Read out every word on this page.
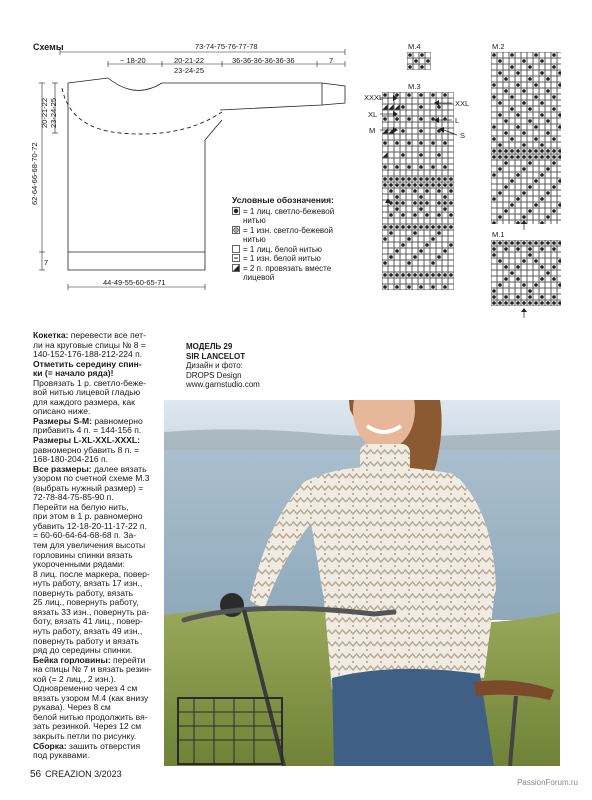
Схемы	73-74-75-76-77-78
~ 18-20	20-21-22
23-24-25
36-36-36-36-36-36	7
20-21-22 23-24-25
62-64-66-68-70-72
7
44-49-55-60-65-71
Условные обозначения:
= 1 лиц. светло-бежевой
нитью
= 1 изн. светло-бежевой
нитью
= 1 лиц. белой нитью
= 1 изн. белой нитью
= 2 п. провязать вместе
лицевой
M.4
M.3
XXXL
XXL
XL
L
M
S
M.2
M.1

Кокетка: перевести все пет-

ли на круговые спицы № 8 =

140-152-176-188-212-224 п.

Отметить середину спин-

ки (= начало ряда)!

Провязать 1 р. светло-беже-

вой нитью лицевой гладью

для каждого размера, как

описано ниже.

Размеры S-M: равномерно

прибавить 4 п. = 144-156 п.

Размеры L-XL-XXL-XXXL:

равномерно убавить 8 п. =

168-180-204-216 п.

Все размеры: далее вязать

узором по счетной схеме М.3

(выбрать нужный размер) =

72-78-84-75-85-90 п.

Перейти на белую нить,

при этом в 1 р. равномерно

убавить 12-18-20-11-17-22 п.

= 60-60-64-64-68-68 п. За-

тем для увеличения высоты

горловины спинки вязать

укороченными рядами:

8 лиц. после маркера, повер-

нуть работу, вязать 17 изн.,

повернуть работу, вязать

25 лиц., повернуть работу,

вязать 33 изн., повернуть ра-

боту, вязать 41 лиц., повер-

нуть работу, вязать 49 изн.,

повернуть работу и вязать

ряд до середины спинки.

Бейка горловины: перейти

на спицы № 7 и вязать резин-

кой (= 2 лиц., 2 изн.).

Одновременно через 4 см

вязать узором М.4 (как внизу

рукава). Через 8 см

белой нитью продолжить вя-

зать резинкой. Через 12 см

закрыть петли по рисунку.

Сборка: зашить отверстия

под рукавами.

МОДЕЛЬ 29
SIR LANCELOT
Дизайн и фото:
DROPS Design
www.garnstudio.com
56 CREAZION 3/2023
PassionForum.ru
